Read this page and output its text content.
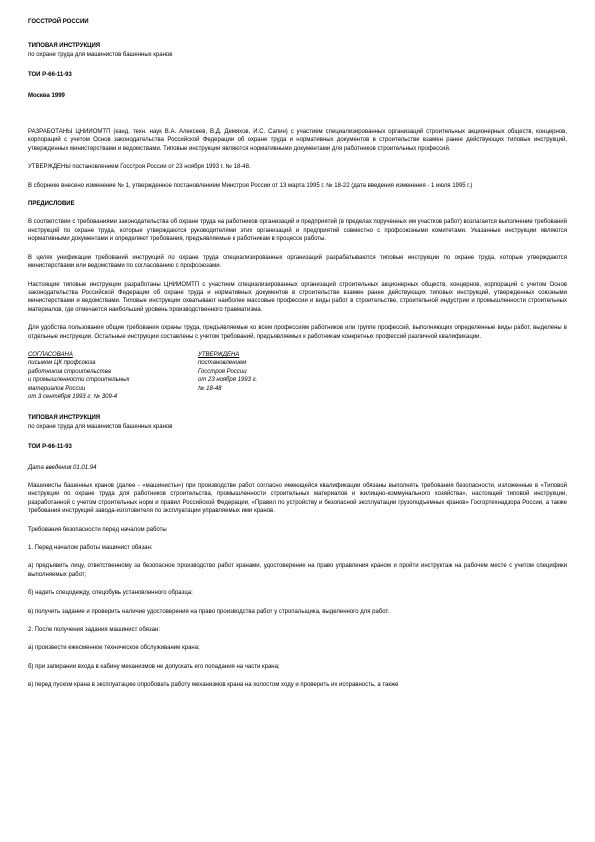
ГОССТРОЙ РОССИИ

ТИПОВАЯ ИНСТРУКЦИЯ

по охране труда для машинистов башенных кранов

ТОИ Р-66-11-93

Москва 1999

РАЗРАБОТАНЫ ЦНИИОМТП (канд. техн. наук В.А. Алексеев, В.Д. Демяхов, И.С. Сапин) с участием специализированных организаций строительных акционерных обществ, концернов, корпораций с учетом Основ законодательства Российской Федерации об охране труда и нормативных документов в строительстве взамен ранее действующих типовых инструкций, утвержденных министерствами и ведомствами. Типовые инструкции являются нормативными документами для работников строительных профессий.

УТВЕРЖДЕНЫ постановлением Госстроя России от 23 ноября 1993 г. № 18-48.

В сборнике внесено изменение № 1, утвержденное постановлением Минстроя России от 13 марта 1995 г. № 18-22 (дата введения изменения - 1 июля 1995 г.)

ПРЕДИСЛОВИЕ

В соответствии с требованиями законодательства об охране труда на работников организаций и предприятий (в пределах порученных им участков работ) возлагается выполнение требований инструкций по охране труда, которые утверждаются руководителями этих организаций и предприятий совместно с профсоюзными комитетами. Указанные инструкции являются нормативными документами и определяют требования, предъявляемые к работникам в процессе работы.

В целях унификации требований инструкций по охране труда специализированных организаций разрабатываются типовые инструкции по охране труда, которые утверждаются министерствами или ведомствами по согласованию с профсоюзами.

Настоящие типовые инструкции разработаны ЦНИИОМТП с участием специализированных организаций строительных акционерных обществ, концернов, корпораций с учетом Основ законодательства Российской Федерации об охране труда и нормативных документов в строительстве взамен ранее действующих типовых инструкций, утвержденных союзными министерствами и ведомствами. Типовые инструкции охватывают наиболее массовые профессии и виды работ в строительстве, строительной индустрии и промышленности строительных материалов, где отмечается наибольший уровень производственного травматизма.

Для удобства пользования общие требования охраны труда, предъявляемые ко всем профессиям работников или группе профессий, выполняющих определенные виды работ, выделены в отдельные инструкции. Остальные инструкции составлены с учетом требований, предъявляемых к работникам конкретных профессий различной квалификации.

СОГЛАСОВАНА

письмом ЦК профсоюза

работников строительства

и промышленности строительных

материалов России

от 3 сентября 1993 г. № 309-4

УТВЕРЖДЕНА

постановлением

Госстроя России

от 23 ноября 1993 г.

№ 18-48

ТИПОВАЯ ИНСТРУКЦИЯ

по охране труда для машинистов башенных кранов

ТОИ Р-66-11-93

Дата введения 01.01.94

Машинисты башенных кранов (далее - «машинисты») при производстве работ согласно имеющейся квалификации обязаны выполнять требования безопасности, изложенные в «Типовой инструкции по охране труда для работников строительства, промышленности строительных материалов и жилищно-коммунального хозяйства», настоящей типовой инструкции, разработанной с учетом строительных норм и правил Российской Федерации, «Правил по устройству и безопасной эксплуатации грузоподъемных кранов» Госгортехнадзора России, а также требования инструкций завода-изготовителя по эксплуатации управляемых ими кранов.

Требования безопасности перед началом работы

1. Перед началом работы машинист обязан:

а) предъявить лицу, ответственному за безопасное производство работ кранами, удостоверение на право управления краном и пройти инструктаж на рабочем месте с учетом специфики выполняемых работ;

б) надеть спецодежду, спецобувь установленного образца;

в) получить задание и проверить наличие удостоверения на право производства работ у стропальщика, выделенного для работ.

2. После получения задания машинист обязан:

а) произвести ежесменное техническое обслуживание крана;

б) при запирании входа в кабину механизмов не допускать его попадания на части крана;

в) перед пуском крана в эксплуатацию опробовать работу механизмов крана на холостом ходу и проверить их исправность, а также
